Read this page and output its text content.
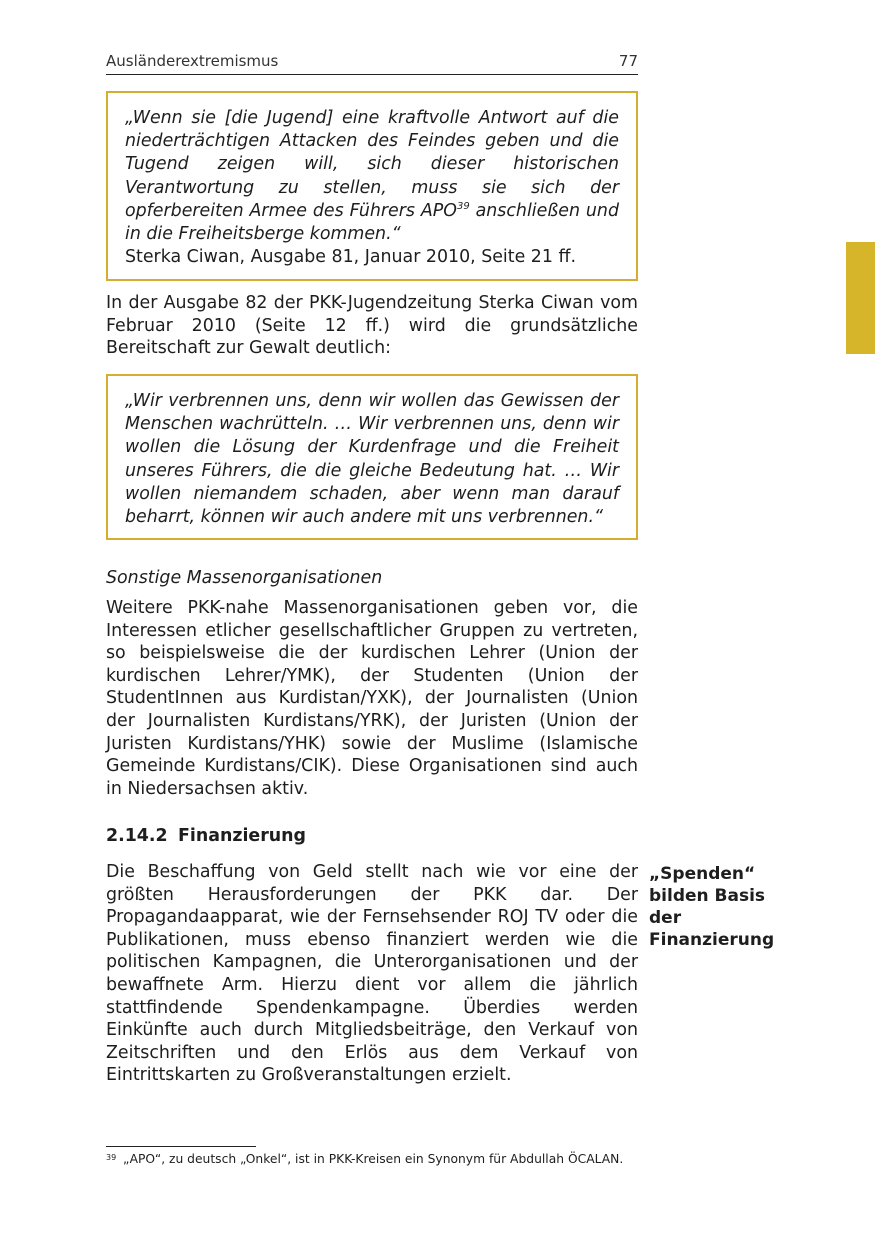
Ausländerextremismus	77

„Wenn sie [die Jugend] eine kraftvolle Antwort auf die niederträchtigen Attacken des Feindes geben und die Tugend zeigen will, sich dieser historischen Verantwortung zu stellen, muss sie sich der opferbereiten Armee des Führers APO$^{39}$ anschließen und in die Freiheitsberge kommen.“

Sterka Ciwan, Ausgabe 81, Januar 2010, Seite 21 ff.

In der Ausgabe 82 der PKK-Jugendzeitung Sterka Ciwan vom Februar 2010 (Seite 12 ff.) wird die grundsätzliche Bereitschaft zur Gewalt deutlich:

„Wir verbrennen uns, denn wir wollen das Gewissen der Menschen wachrütteln. … Wir verbrennen uns, denn wir wollen die Lösung der Kurdenfrage und die Freiheit unseres Führers, die die gleiche Bedeutung hat. … Wir wollen niemandem schaden, aber wenn man darauf beharrt, können wir auch andere mit uns verbrennen.“

Sonstige Massenorganisationen

Weitere PKK-nahe Massenorganisationen geben vor, die Interessen etlicher gesellschaftlicher Gruppen zu vertreten, so beispielsweise die der kurdischen Lehrer (Union der kurdischen Lehrer/YMK), der Studenten (Union der StudentInnen aus Kurdistan/YXK), der Journalisten (Union der Journalisten Kurdistans/YRK), der Juristen (Union der Juristen Kurdistans/YHK) sowie der Muslime (Islamische Gemeinde Kurdistans/CIK). Diese Organisationen sind auch in Niedersachsen aktiv.

2.14.2 Finanzierung

Die Beschaffung von Geld stellt nach wie vor eine der größten Herausforderungen der PKK dar. Der Propagandaapparat, wie der Fernsehsender ROJ TV oder die Publikationen, muss ebenso finanziert werden wie die politischen Kampagnen, die Unterorganisationen und der bewaffnete Arm. Hierzu dient vor allem die jährlich stattfindende Spendenkampagne. Überdies werden Einkünfte auch durch Mitgliedsbeiträge, den Verkauf von Zeitschriften und den Erlös aus dem Verkauf von Eintrittskarten zu Großveranstaltungen erzielt.

„Spenden“
bilden Basis der
Finanzierung
39 „APO“, zu deutsch „Onkel“, ist in PKK-Kreisen ein Synonym für Abdullah ÖCALAN.
